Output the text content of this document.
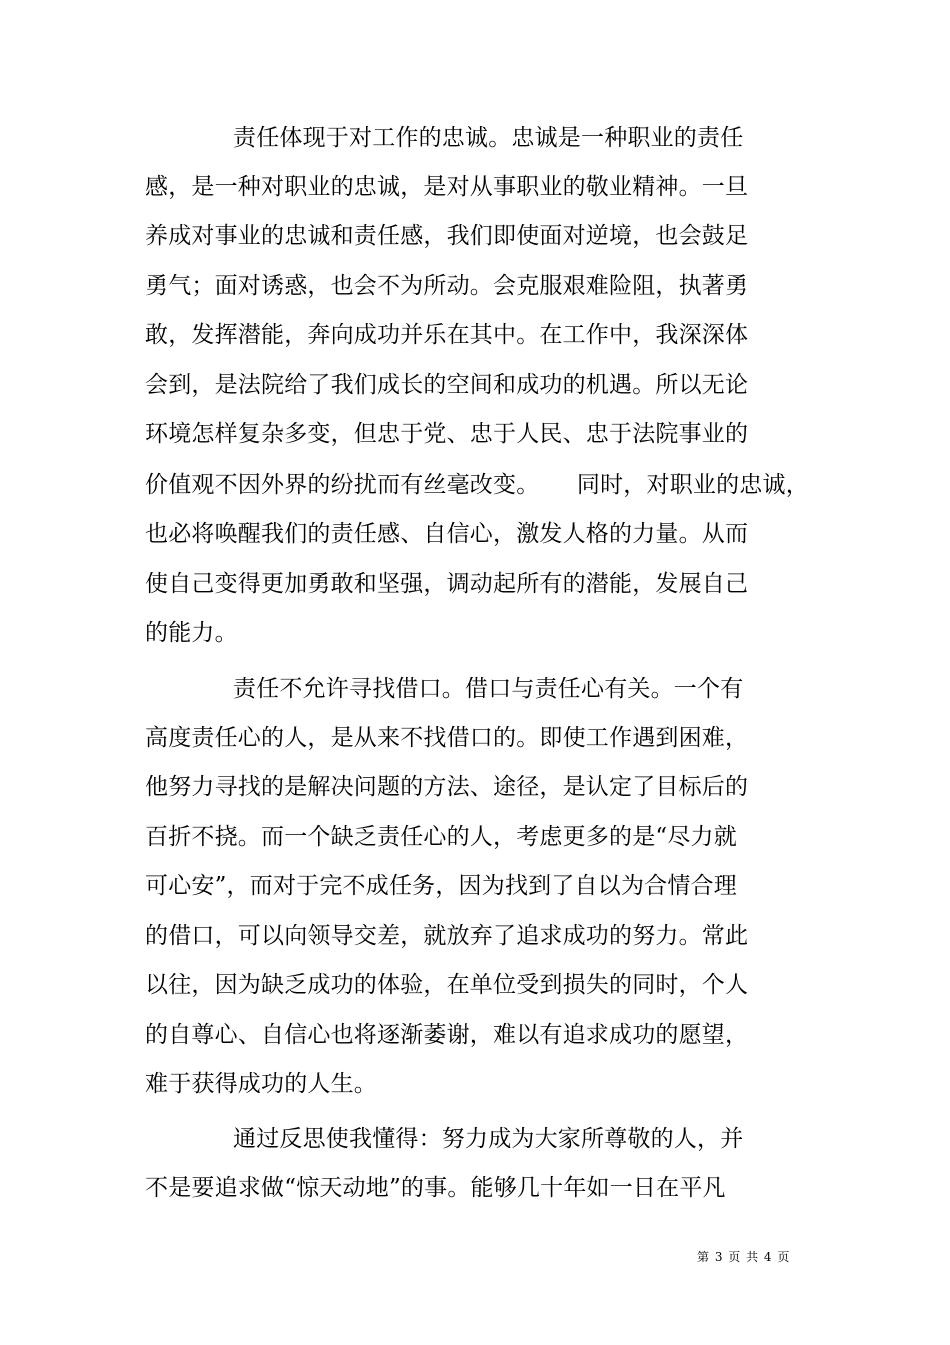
责任体现于对工作的忠诚。忠诚是一种职业的责任
感，是一种对职业的忠诚，是对从事职业的敬业精神。一旦
养成对事业的忠诚和责任感，我们即使面对逆境，也会鼓足
勇气；面对诱惑，也会不为所动。会克服艰难险阻，执著勇
敢，发挥潜能，奔向成功并乐在其中。在工作中，我深深体
会到，是法院给了我们成长的空间和成功的机遇。所以无论
环境怎样复杂多变，但忠于党、忠于人民、忠于法院事业的
价值观不因外界的纷扰而有丝毫改变。 同时，对职业的忠诚，
也必将唤醒我们的责任感、自信心，激发人格的力量。从而
使自己变得更加勇敢和坚强，调动起所有的潜能，发展自己
的能力。
责任不允许寻找借口。借口与责任心有关。一个有
高度责任心的人，是从来不找借口的。即使工作遇到困难，
他努力寻找的是解决问题的方法、途径，是认定了目标后的
百折不挠。而一个缺乏责任心的人，考虑更多的是“尽力就
可心安”，而对于完不成任务，因为找到了自以为合情合理
的借口，可以向领导交差，就放弃了追求成功的努力。常此
以往，因为缺乏成功的体验，在单位受到损失的同时，个人
的自尊心、自信心也将逐渐萎谢，难以有追求成功的愿望，
难于获得成功的人生。
通过反思使我懂得：努力成为大家所尊敬的人，并
不是要追求做“惊天动地”的事。能够几十年如一日在平凡
第 3 页 共 4 页
